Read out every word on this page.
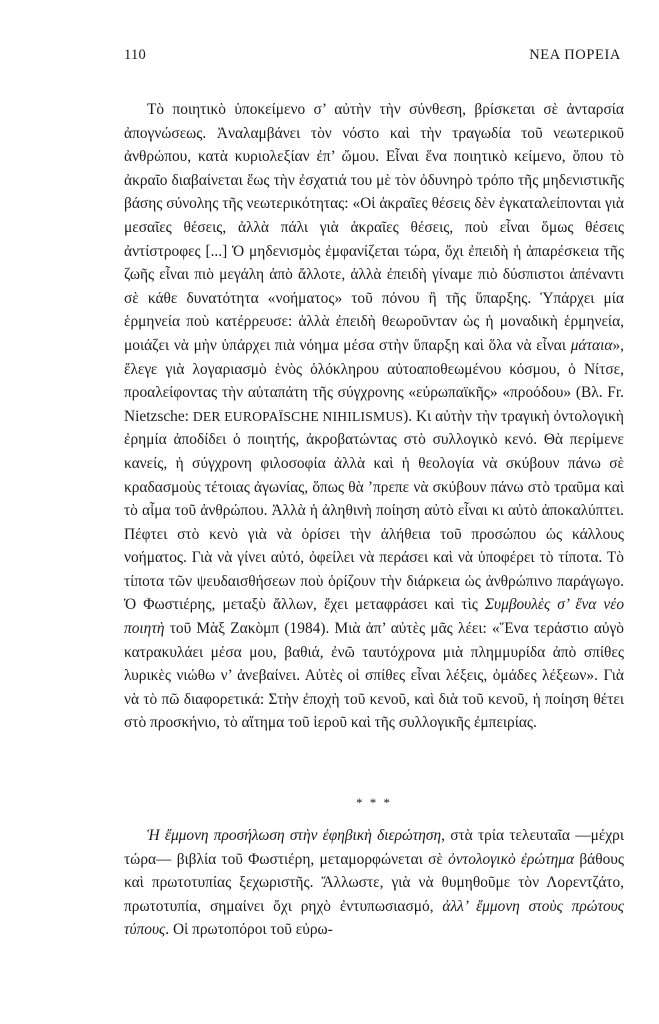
110	ΝΕΑ ΠΟΡΕΙΑ

Τὸ ποιητικὸ ὑποκείμενο σ’ αὐτὴν τὴν σύνθεση, βρίσκεται σὲ ἀνταρσία ἀπογνώσεως. Ἀναλαμβάνει τὸν νόστο καὶ τὴν τραγωδία τοῦ νεωτερικοῦ ἀνθρώπου, κατὰ κυριολεξίαν ἐπ’ ὤμου. Εἶναι ἕνα ποιητικὸ κείμενο, ὅπου τὸ ἀκραῖο διαβαίνεται ἕως τὴν ἐσχατιά του μὲ τὸν ὀδυνηρὸ τρόπο τῆς μηδενιστικῆς βάσης σύνολης τῆς νεωτερικότητας: «Οἱ ἀκραῖες θέσεις δὲν ἐγκαταλείπονται γιὰ μεσαῖες θέσεις, ἀλλὰ πάλι γιὰ ἀκραῖες θέσεις, ποὺ εἶναι ὅμως θέσεις ἀντίστροφες [...] Ὁ μηδενισμὸς ἐμφανίζεται τώρα, ὄχι ἐπειδὴ ἡ ἀπαρέσκεια τῆς ζωῆς εἶναι πιὸ μεγάλη ἀπὸ ἄλλοτε, ἀλλὰ ἐπειδὴ γίναμε πιὸ δύσπιστοι ἀπέναντι σὲ κάθε δυνατότητα «νοήματος» τοῦ πόνου ἢ τῆς ὕπαρξης. Ὑπάρχει μία ἑρμηνεία ποὺ κατέρρευσε: ἀλλὰ ἐπειδὴ θεωροῦνταν ὡς ἡ μοναδικὴ ἑρμηνεία, μοιάζει νὰ μὴν ὑπάρχει πιὰ νόημα μέσα στὴν ὕπαρξη καὶ ὅλα νὰ εἶναι μάταια», ἔλεγε γιὰ λογαριασμὸ ἑνὸς ὁλόκληρου αὐτοαποθεωμένου κόσμου, ὁ Νίτσε, προαλείφοντας τὴν αὐταπάτη τῆς σύγχρονης «εὐρωπαϊκῆς» «προόδου» (Βλ. Fr. Nietzsche: DER EUROPAÏSCHE NIHILISMUS). Κι αὐτὴν τὴν τραγικὴ ὀντολογικὴ ἐρημία ἀποδίδει ὁ ποιητής, ἀκροβατώντας στὸ συλλογικὸ κενό. Θὰ περίμενε κανείς, ἡ σύγχρονη φιλοσοφία ἀλλὰ καὶ ἡ θεολογία νὰ σκύβουν πάνω σὲ κραδασμοὺς τέτοιας ἀγωνίας, ὅπως θὰ ’πρεπε νὰ σκύβουν πάνω στὸ τραῦμα καὶ τὸ αἷμα τοῦ ἀνθρώπου. Ἀλλὰ ἡ ἀληθινὴ ποίηση αὐτὸ εἶναι κι αὐτὸ ἀποκαλύπτει. Πέφτει στὸ κενὸ γιὰ νὰ ὁρίσει τὴν ἀλήθεια τοῦ προσώπου ὡς κάλλους νοήματος. Γιὰ νὰ γίνει αὐτό, ὀφείλει νὰ περάσει καὶ νὰ ὑποφέρει τὸ τίποτα. Τὸ τίποτα τῶν ψευδαισθήσεων ποὺ ὁρίζουν τὴν διάρκεια ὡς ἀνθρώπινο παράγωγο. Ὁ Φωστιέρης, μεταξὺ ἄλλων, ἔχει μεταφράσει καὶ τὶς Συμβουλὲς σ’ ἕνα νέο ποιητὴ τοῦ Μὰξ Ζακὸμπ (1984). Μιὰ ἀπ’ αὐτὲς μᾶς λέει: «Ἕνα τεράστιο αὐγὸ κατρακυλάει μέσα μου, βαθιά, ἐνῶ ταυτόχρονα μιὰ πλημμυρίδα ἀπὸ σπίθες λυρικὲς νιώθω ν’ ἀνεβαίνει. Αὐτὲς οἱ σπίθες εἶναι λέξεις, ὁμάδες λέξεων». Γιὰ νὰ τὸ πῶ διαφορετικά: Στὴν ἐποχὴ τοῦ κενοῦ, καὶ διὰ τοῦ κενοῦ, ἡ ποίηση θέτει στὸ προσκήνιο, τὸ αἴτημα τοῦ ἱεροῦ καὶ τῆς συλλογικῆς ἐμπειρίας.

* * *

Ἡ ἔμμονη προσήλωση στὴν ἐφηβικὴ διερώτηση, στὰ τρία τελευταῖα —μέχρι τώρα— βιβλία τοῦ Φωστιέρη, μεταμορφώνεται σὲ ὀντολογικὸ ἐρώτημα βάθους καὶ πρωτοτυπίας ξεχωριστῆς. Ἄλλωστε, γιὰ νὰ θυμηθοῦμε τὸν Λορεντζάτο, πρωτοτυπία, σημαίνει ὄχι ρηχὸ ἐντυπωσιασμό, ἀλλ’ ἔμμονη στοὺς πρώτους τύπους. Οἱ πρωτοπόροι τοῦ εὐρω-
